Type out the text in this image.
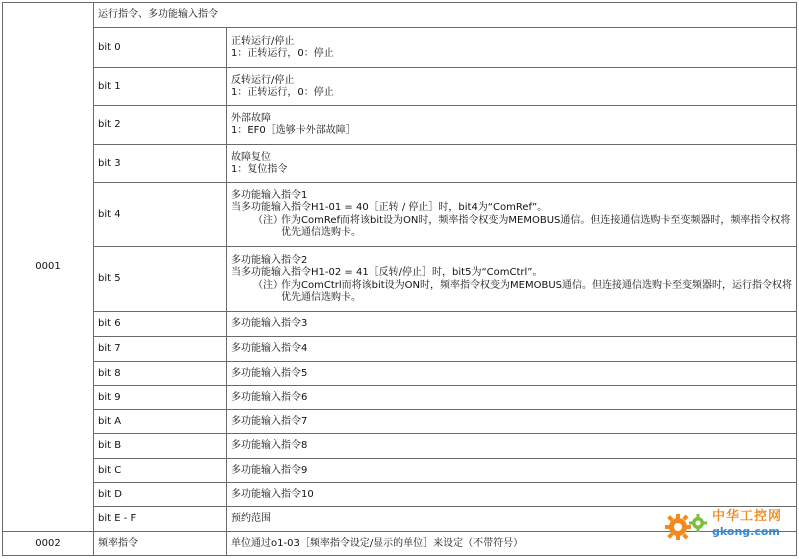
0001	运行指令、多功能输入指令	
	bit 0	正转运行/停止
1：正转运行，0：停止

	bit 1	反转运行/停止
1：正转运行，0：停止

	bit 2	外部故障
1：EF0［选够卡外部故障］

	bit 3	故障复位
1：复位指令

	bit 4	多功能输入指令1
当多功能输入指令H1-01 = 40［正转 / 停止］时，bit4为“ComRef”。
（注）
作为ComRef而将该bit设为ON时，频率指令权变为MEMOBUS通信。但连接通信选购卡至变频器时，频率指令权将优先通信选购卡。

	bit 5	多功能输入指令2
当多功能输入指令H1-02 = 41［反转/停止］时，bit5为“ComCtrl”。
（注）
作为ComCtrl而将该bit设为ON时，频率指令权变为MEMOBUS通信。但连接通信选购卡至变频器时，运行指令权将优先通信选购卡。

	bit 6	多功能输入指令3

	bit 7	多功能输入指令4

	bit 8	多功能输入指令5

	bit 9	多功能输入指令6

	bit A	多功能输入指令7

	bit B	多功能输入指令8

	bit C	多功能输入指令9

	bit D	多功能输入指令10

	bit E - F	预约范围

0002	频率指令	单位通过o1-03［频率指令设定/显示的单位］来设定（不带符号）
中华工控网
gkong.com
